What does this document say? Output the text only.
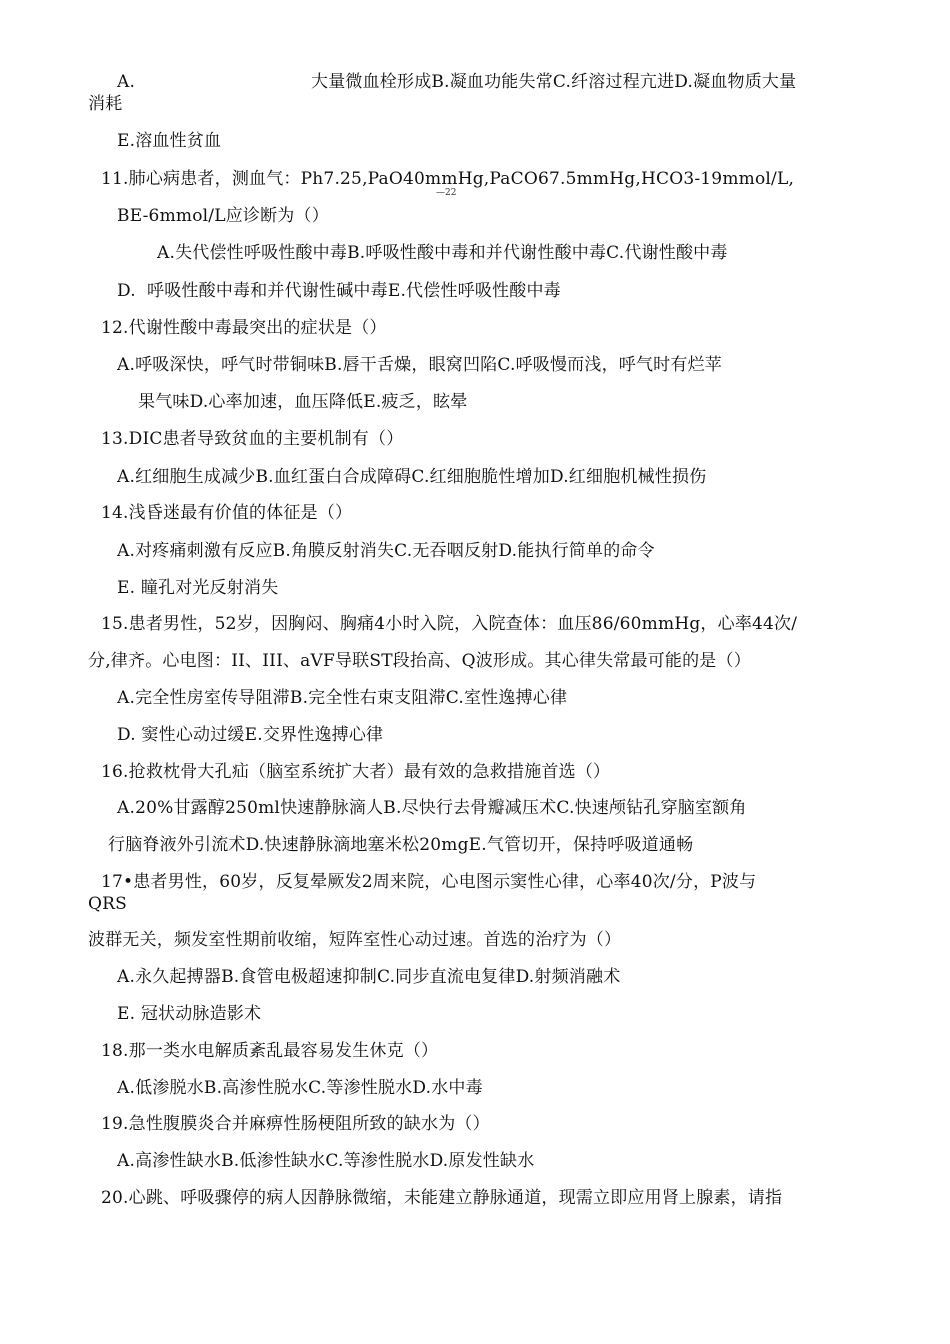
A.	大量微血栓形成B.凝血功能失常C.纤溶过程亢进D.凝血物质大量
消耗
E.溶血性贫血
11.肺心病患者，测血气：Ph7.25,PaO40mmHg,PaCO67.5mmHg,HCO3-19mmol/L,
BE-6mmol/L应诊断为（）
A.失代偿性呼吸性酸中毒B.呼吸性酸中毒和并代谢性酸中毒C.代谢性酸中毒
D.  呼吸性酸中毒和并代谢性碱中毒E.代偿性呼吸性酸中毒
12.代谢性酸中毒最突出的症状是（）
A.呼吸深快，呼气时带铜味B.唇干舌燥，眼窝凹陷C.呼吸慢而浅，呼气时有烂苹
果气味D.心率加速，血压降低E.疲乏，眩晕
13.DIC患者导致贫血的主要机制有（）
A.红细胞生成减少B.血红蛋白合成障碍C.红细胞脆性增加D.红细胞机械性损伤
14.浅昏迷最有价值的体征是（）
A.对疼痛刺激有反应B.角膜反射消失C.无吞咽反射D.能执行简单的命令
E. 瞳孔对光反射消失
15.患者男性，52岁，因胸闷、胸痛4小时入院，入院查体：血压86/60mmHg，心率44次/
分,律齐。心电图：II、III、aVF导联ST段抬高、Q波形成。其心律失常最可能的是（）
A.完全性房室传导阻滞B.完全性右束支阻滞C.室性逸搏心律
D. 窦性心动过缓E.交界性逸搏心律
16.抢救枕骨大孔疝（脑室系统扩大者）最有效的急救措施首选（）
A.20%甘露醇250ml快速静脉滴人B.尽快行去骨瓣减压术C.快速颅钻孔穿脑室额角
行脑脊液外引流术D.快速静脉滴地塞米松20mgE.气管切开，保持呼吸道通畅
17•患者男性，60岁，反复晕厥发2周来院，心电图示窦性心律，心率40次/分，P波与
QRS
波群无关，频发室性期前收缩，短阵室性心动过速。首选的治疗为（）
A.永久起搏器B.食管电极超速抑制C.同步直流电复律D.射频消融术
E. 冠状动脉造影术
18.那一类水电解质紊乱最容易发生休克（）
A.低渗脱水B.高渗性脱水C.等渗性脱水D.水中毒
19.急性腹膜炎合并麻痹性肠梗阻所致的缺水为（）
A.高渗性缺水B.低渗性缺水C.等渗性脱水D.原发性缺水
20.心跳、呼吸骤停的病人因静脉微缩，未能建立静脉通道，现需立即应用肾上腺素，请指
—22
